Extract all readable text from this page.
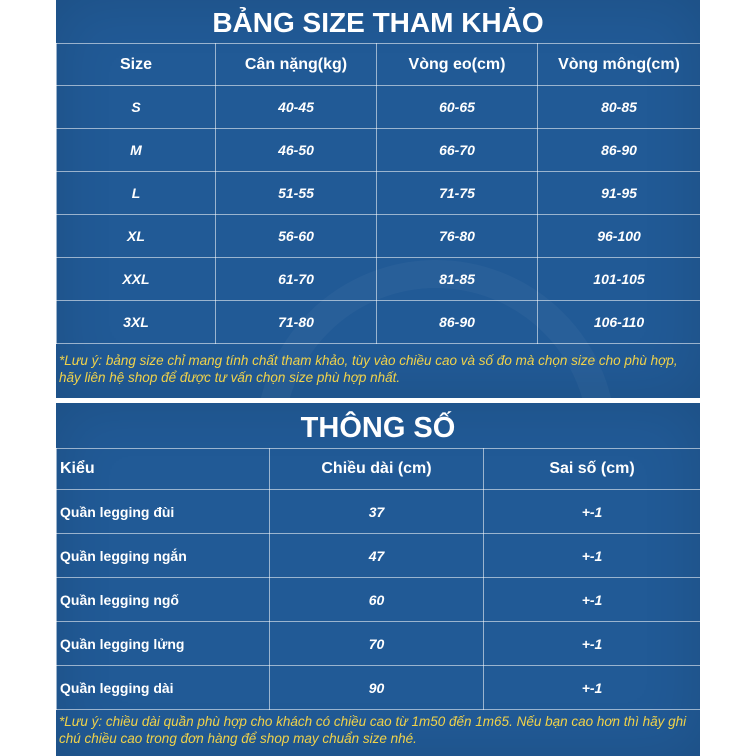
BẢNG SIZE THAM KHẢO
Size	Cân nặng(kg)	Vòng eo(cm)	Vòng mông(cm)
S	40-45	60-65	80-85
M	46-50	66-70	86-90
L	51-55	71-75	91-95
XL	56-60	76-80	96-100
XXL	61-70	81-85	101-105
3XL	71-80	86-90	106-110
*Lưu ý: bảng size chỉ mang tính chất tham khảo, tùy vào chiều cao và số đo mà chọn size cho phù hợp, hãy liên hệ shop để được tư vấn chọn size phù hợp nhất.
THÔNG SỐ
Kiểu	Chiều dài (cm)	Sai số (cm)
Quần legging đùi	37	+-1
Quần legging ngắn	47	+-1
Quần legging ngố	60	+-1
Quần legging lửng	70	+-1
Quần legging dài	90	+-1
*Lưu ý: chiều dài quần phù hợp cho khách có chiều cao từ 1m50 đến 1m65. Nếu bạn cao hơn thì hãy ghi chú chiều cao trong đơn hàng để shop may chuẩn size nhé.
